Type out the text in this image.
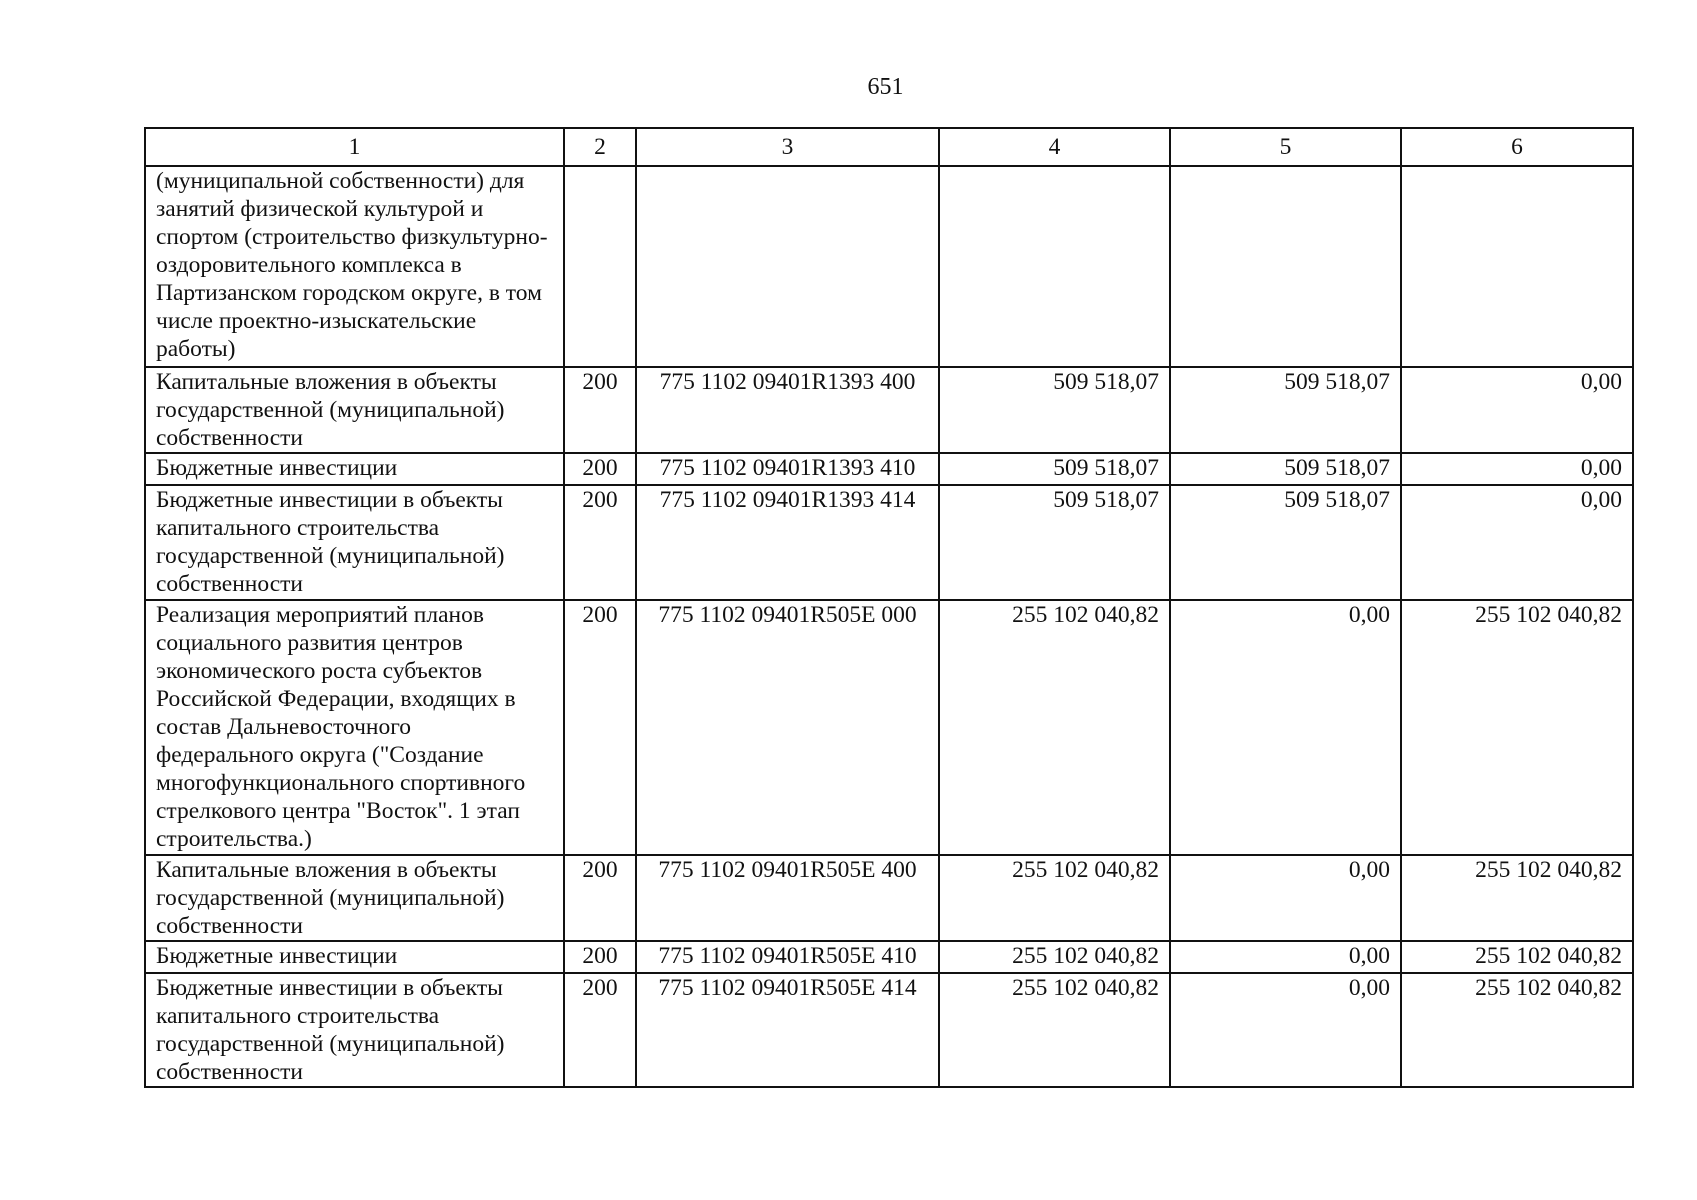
651
1	2	3	4	5	6
(муниципальной собственности) для занятий физической культурой и спортом (строительство физкультурно-оздоровительного комплекса в Партизанском городском округе, в том числе проектно-изыскательские работы)					
Капитальные вложения в объекты государственной (муниципальной) собственности	200	775 1102 09401R1393 400	509 518,07	509 518,07	0,00
Бюджетные инвестиции	200	775 1102 09401R1393 410	509 518,07	509 518,07	0,00
Бюджетные инвестиции в объекты капитального строительства государственной (муниципальной) собственности	200	775 1102 09401R1393 414	509 518,07	509 518,07	0,00
Реализация мероприятий планов социального развития центров экономического роста субъектов Российской Федерации, входящих в состав Дальневосточного федерального округа ("Создание многофункционального спортивного стрелкового центра "Восток". 1 этап строительства.)	200	775 1102 09401R505E 000	255 102 040,82	0,00	255 102 040,82
Капитальные вложения в объекты государственной (муниципальной) собственности	200	775 1102 09401R505E 400	255 102 040,82	0,00	255 102 040,82
Бюджетные инвестиции	200	775 1102 09401R505E 410	255 102 040,82	0,00	255 102 040,82
Бюджетные инвестиции в объекты капитального строительства государственной (муниципальной) собственности	200	775 1102 09401R505E 414	255 102 040,82	0,00	255 102 040,82
